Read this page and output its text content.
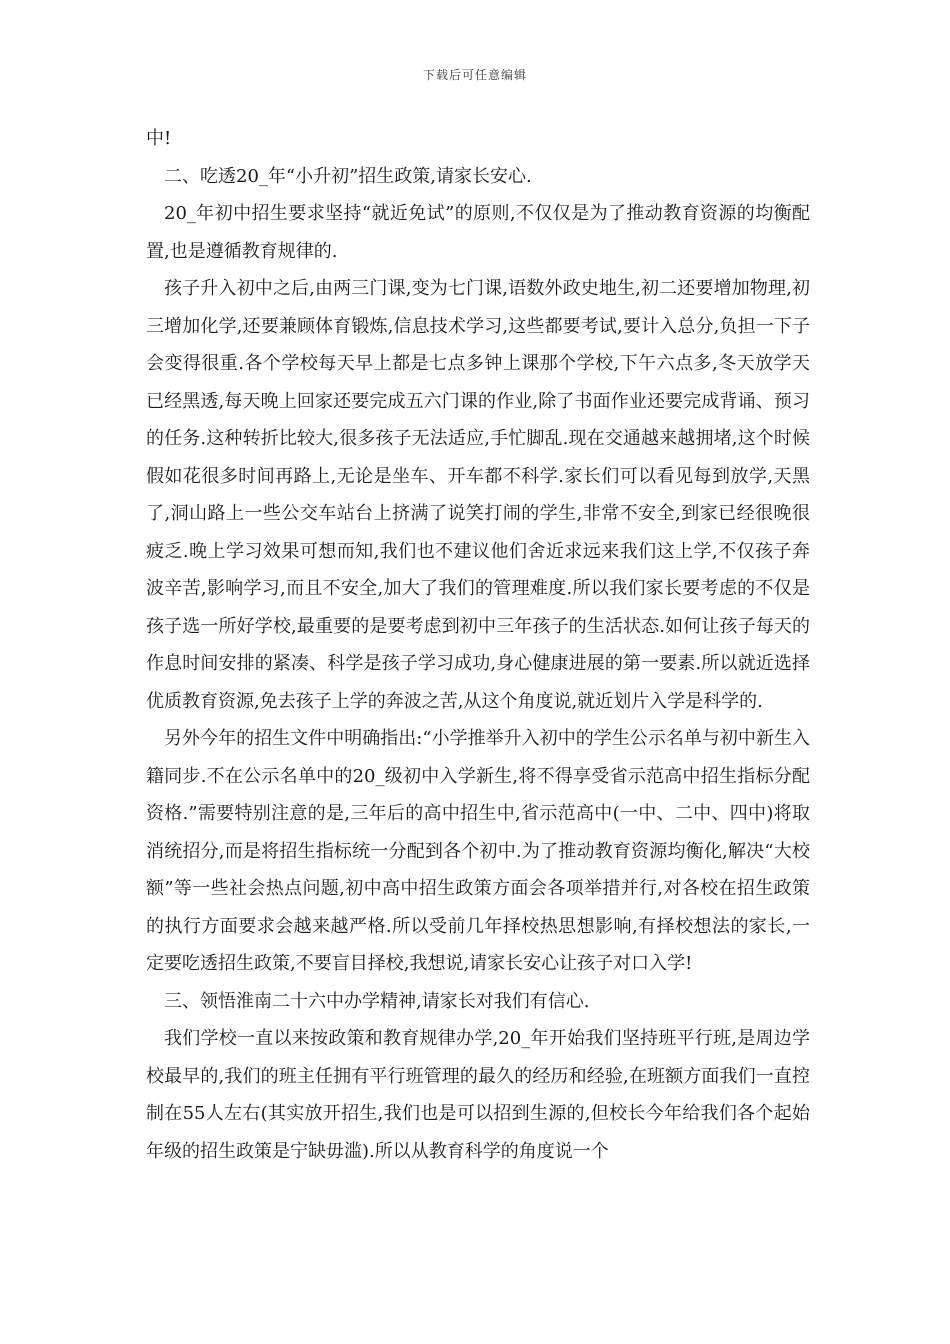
下载后可任意编辑

中!

二、吃透20_年“小升初”招生政策,请家长安心.

20_年初中招生要求坚持“就近免试”的原则,不仅仅是为了推动教育资源的均衡配置,也是遵循教育规律的.

孩子升入初中之后,由两三门课,变为七门课,语数外政史地生,初二还要增加物理,初三增加化学,还要兼顾体育锻炼,信息技术学习,这些都要考试,要计入总分,负担一下子会变得很重.各个学校每天早上都是七点多钟上课那个学校,下午六点多,冬天放学天已经黑透,每天晚上回家还要完成五六门课的作业,除了书面作业还要完成背诵、预习的任务.这种转折比较大,很多孩子无法适应,手忙脚乱.现在交通越来越拥堵,这个时候假如花很多时间再路上,无论是坐车、开车都不科学.家长们可以看见每到放学,天黑了,洞山路上一些公交车站台上挤满了说笑打闹的学生,非常不安全,到家已经很晚很疲乏.晚上学习效果可想而知,我们也不建议他们舍近求远来我们这上学,不仅孩子奔波辛苦,影响学习,而且不安全,加大了我们的管理难度.所以我们家长要考虑的不仅是孩子选一所好学校,最重要的是要考虑到初中三年孩子的生活状态.如何让孩子每天的作息时间安排的紧凑、科学是孩子学习成功,身心健康进展的第一要素.所以就近选择优质教育资源,免去孩子上学的奔波之苦,从这个角度说,就近划片入学是科学的.

另外今年的招生文件中明确指出:“小学推举升入初中的学生公示名单与初中新生入籍同步.不在公示名单中的20_级初中入学新生,将不得享受省示范高中招生指标分配资格.”需要特别注意的是,三年后的高中招生中,省示范高中(一中、二中、四中)将取消统招分,而是将招生指标统一分配到各个初中.为了推动教育资源均衡化,解决“大校额”等一些社会热点问题,初中高中招生政策方面会各项举措并行,对各校在招生政策的执行方面要求会越来越严格.所以受前几年择校热思想影响,有择校想法的家长,一定要吃透招生政策,不要盲目择校,我想说,请家长安心让孩子对口入学!

三、领悟淮南二十六中办学精神,请家长对我们有信心.

我们学校一直以来按政策和教育规律办学,20_年开始我们坚持班平行班,是周边学校最早的,我们的班主任拥有平行班管理的最久的经历和经验,在班额方面我们一直控制在55人左右(其实放开招生,我们也是可以招到生源的,但校长今年给我们各个起始年级的招生政策是宁缺毋滥).所以从教育科学的角度说一个
